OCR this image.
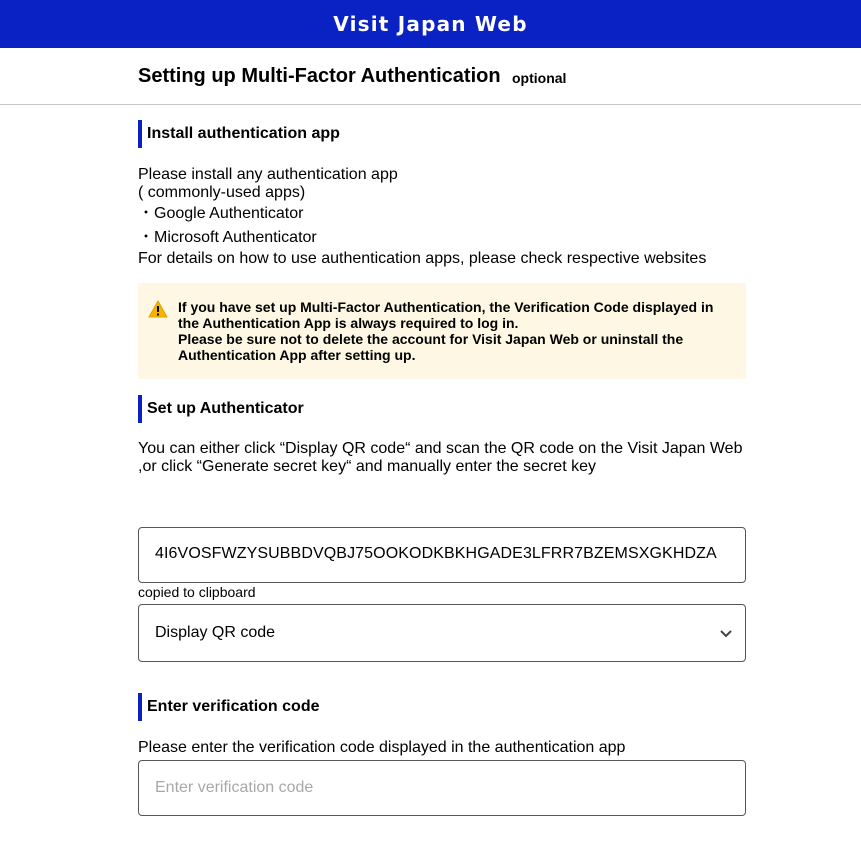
Visit Japan Web
Setting up Multi-Factor Authentication optional
Install authentication app
Please install any authentication app
( commonly-used apps)
・Google Authenticator
・Microsoft Authenticator
For details on how to use authentication apps, please check respective websites
If you have set up Multi-Factor Authentication, the Verification Code displayed in
the Authentication App is always required to log in.
Please be sure not to delete the account for Visit Japan Web or uninstall the
Authentication App after setting up.
Set up Authenticator
You can either click “Display QR code“ and scan the QR code on the Visit Japan Web
,or click “Generate secret key“ and manually enter the secret key
4I6VOSFWZYSUBBDVQBJ75OOKODKBKHGADE3LFRR7BZEMSXGKHDZA
copied to clipboard
Display QR code
Enter verification code
Please enter the verification code displayed in the authentication app
Enter verification code
